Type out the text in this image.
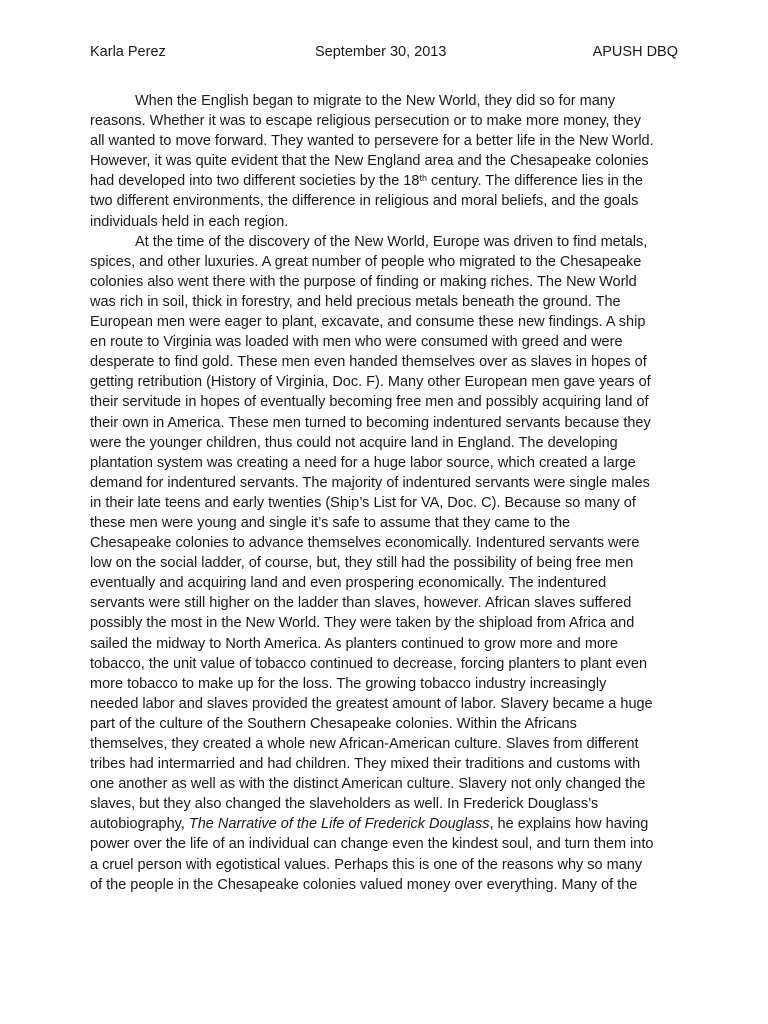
Karla Perez	September 30, 2013	APUSH DBQ
When the English began to migrate to the New World, they did so for many
reasons. Whether it was to escape religious persecution or to make more money, they
all wanted to move forward. They wanted to persevere for a better life in the New World.
However, it was quite evident that the New England area and the Chesapeake colonies
had developed into two different societies by the 18th century. The difference lies in the
two different environments, the difference in religious and moral beliefs, and the goals
individuals held in each region.
At the time of the discovery of the New World, Europe was driven to find metals,
spices, and other luxuries. A great number of people who migrated to the Chesapeake
colonies also went there with the purpose of finding or making riches. The New World
was rich in soil, thick in forestry, and held precious metals beneath the ground. The
European men were eager to plant, excavate, and consume these new findings. A ship
en route to Virginia was loaded with men who were consumed with greed and were
desperate to find gold. These men even handed themselves over as slaves in hopes of
getting retribution (History of Virginia, Doc. F). Many other European men gave years of
their servitude in hopes of eventually becoming free men and possibly acquiring land of
their own in America. These men turned to becoming indentured servants because they
were the younger children, thus could not acquire land in England. The developing
plantation system was creating a need for a huge labor source, which created a large
demand for indentured servants. The majority of indentured servants were single males
in their late teens and early twenties (Ship’s List for VA, Doc. C). Because so many of
these men were young and single it’s safe to assume that they came to the
Chesapeake colonies to advance themselves economically. Indentured servants were
low on the social ladder, of course, but, they still had the possibility of being free men
eventually and acquiring land and even prospering economically. The indentured
servants were still higher on the ladder than slaves, however. African slaves suffered
possibly the most in the New World. They were taken by the shipload from Africa and
sailed the midway to North America. As planters continued to grow more and more
tobacco, the unit value of tobacco continued to decrease, forcing planters to plant even
more tobacco to make up for the loss. The growing tobacco industry increasingly
needed labor and slaves provided the greatest amount of labor. Slavery became a huge
part of the culture of the Southern Chesapeake colonies. Within the Africans
themselves, they created a whole new African-American culture. Slaves from different
tribes had intermarried and had children. They mixed their traditions and customs with
one another as well as with the distinct American culture. Slavery not only changed the
slaves, but they also changed the slaveholders as well. In Frederick Douglass’s
autobiography, The Narrative of the Life of Frederick Douglass, he explains how having
power over the life of an individual can change even the kindest soul, and turn them into
a cruel person with egotistical values. Perhaps this is one of the reasons why so many
of the people in the Chesapeake colonies valued money over everything. Many of the
